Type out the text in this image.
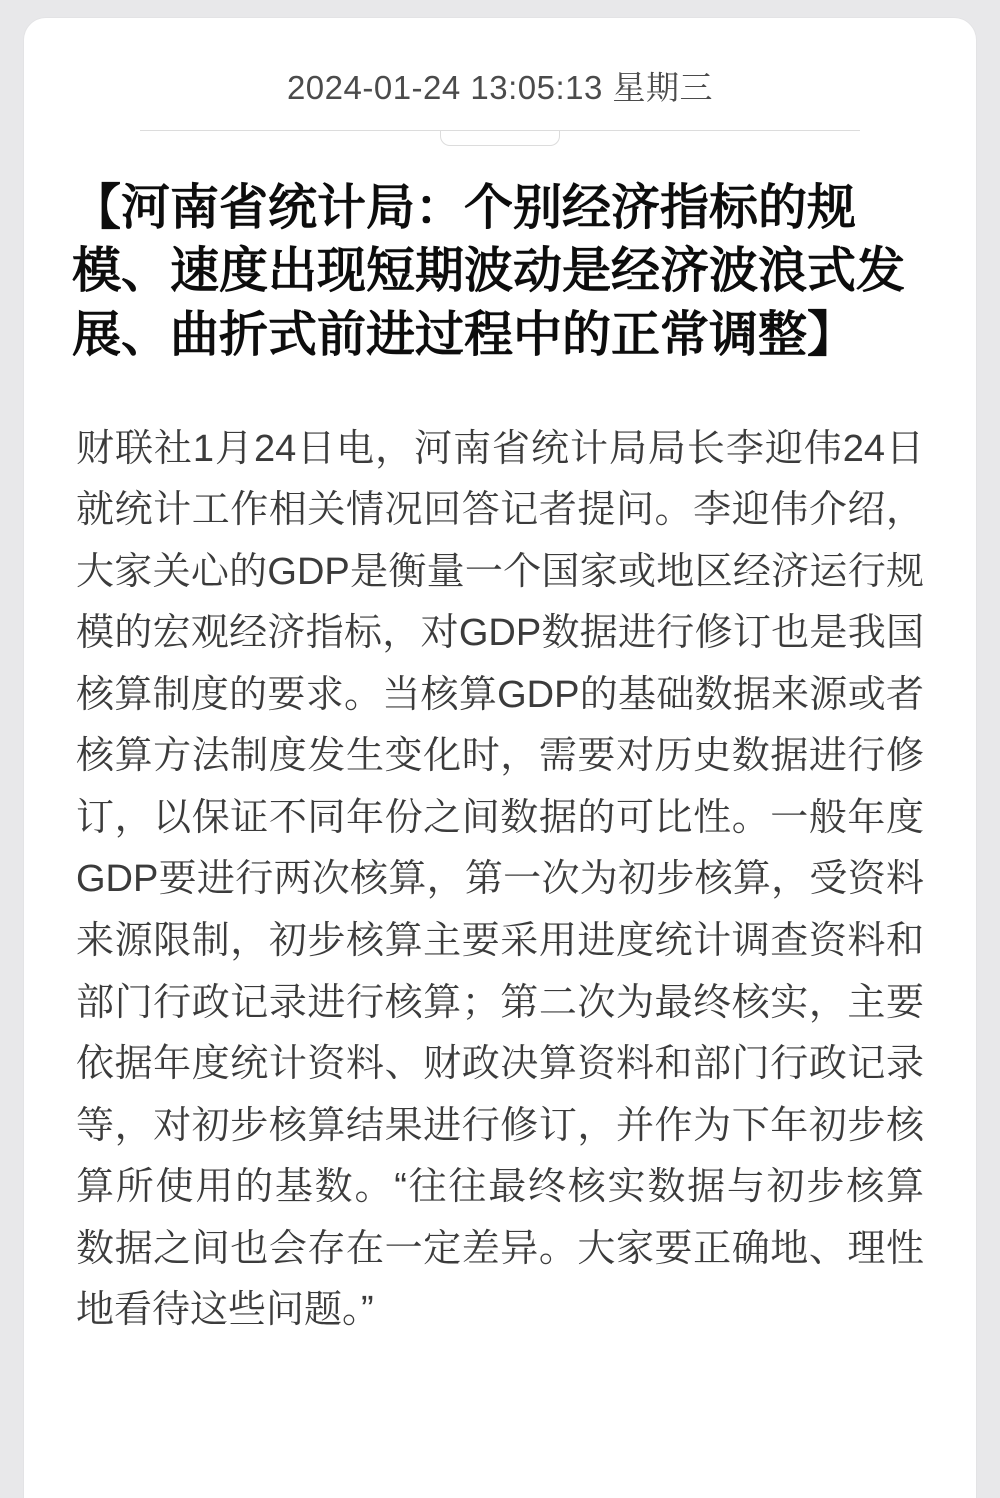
2024-01-24 13:05:13 星期三
【河南省统计局：个别经济指标的规模、速度出现短期波动是经济波浪式发展、曲折式前进过程中的正常调整】

财联社1月24日电，河南省统计局局长李迎伟24日就统计工作相关情况回答记者提问。李迎伟介绍，大家关心的GDP是衡量一个国家或地区经济运行规模的宏观经济指标，对GDP数据进行修订也是我国核算制度的要求。当核算GDP的基础数据来源或者核算方法制度发生变化时，需要对历史数据进行修订，以保证不同年份之间数据的可比性。一般年度GDP要进行两次核算，第一次为初步核算，受资料来源限制，初步核算主要采用进度统计调查资料和部门行政记录进行核算；第二次为最终核实，主要依据年度统计资料、财政决算资料和部门行政记录等，对初步核算结果进行修订，并作为下年初步核算所使用的基数。“往往最终核实数据与初步核算数据之间也会存在一定差异。大家要正确地、理性地看待这些问题。”
